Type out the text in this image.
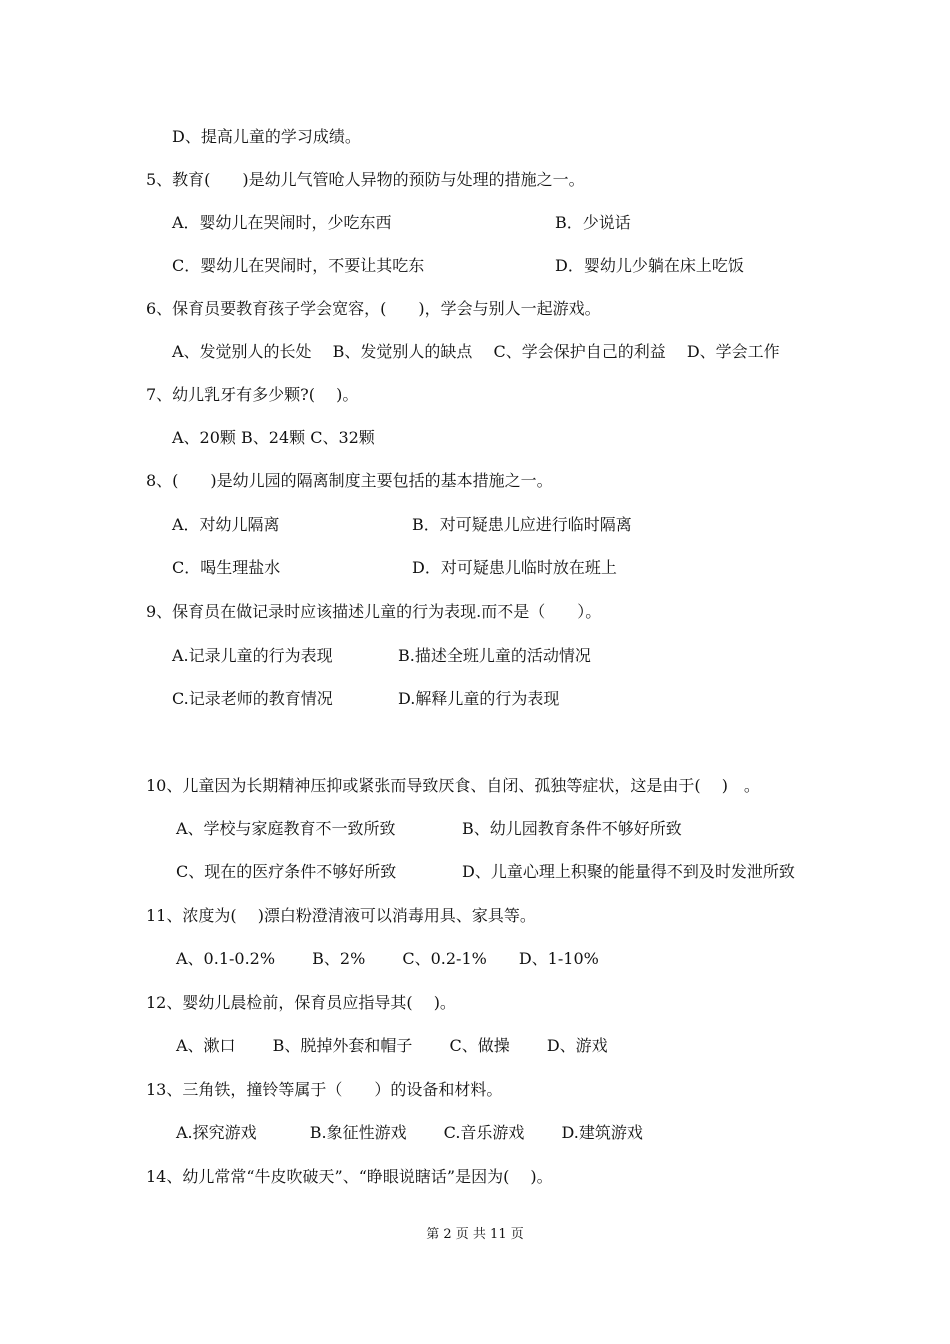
D、提高儿童的学习成绩。
5、教育(　　)是幼儿气管呛人异物的预防与处理的措施之一。
A．婴幼儿在哭闹时，少吃东西	B．少说话
C．婴幼儿在哭闹时，不要让其吃东	D．婴幼儿少躺在床上吃饭
6、保育员要教育孩子学会宽容，(　　)，学会与别人一起游戏。
A、发觉别人的长处　 B、发觉别人的缺点　 C、学会保护自己的利益　 D、学会工作
7、幼儿乳牙有多少颗?(　 )。
A、20颗 B、24颗 C、32颗
8、(　　)是幼儿园的隔离制度主要包括的基本措施之一。
A．对幼儿隔离	B．对可疑患儿应进行临时隔离
C．喝生理盐水	D．对可疑患儿临时放在班上
9、保育员在做记录时应该描述儿童的行为表现.而不是（　　）。
A.记录儿童的行为表现	B.描述全班儿童的活动情况
C.记录老师的教育情况	D.解释儿童的行为表现
10、儿童因为长期精神压抑或紧张而导致厌食、自闭、孤独等症状，这是由于(　 )　。
A、学校与家庭教育不一致所致	B、幼儿园教育条件不够好所致
C、现在的医疗条件不够好所致	D、儿童心理上积聚的能量得不到及时发泄所致
11、浓度为(　 )漂白粉澄清液可以消毒用具、家具等。
A、0.1-0.2%　　 B、2%　　 C、0.2-1%　　D、1-10%
12、婴幼儿晨检前，保育员应指导其(　 )。
A、漱口　　 B、脱掉外套和帽子　　 C、做操　　 D、游戏
13、三角铁，撞铃等属于（　　）的设备和材料。
A.探究游戏　　　 B.象征性游戏　　 C.音乐游戏　　 D.建筑游戏
14、幼儿常常“牛皮吹破天”、“睁眼说瞎话”是因为(　 )。
第 2 页 共 11 页
